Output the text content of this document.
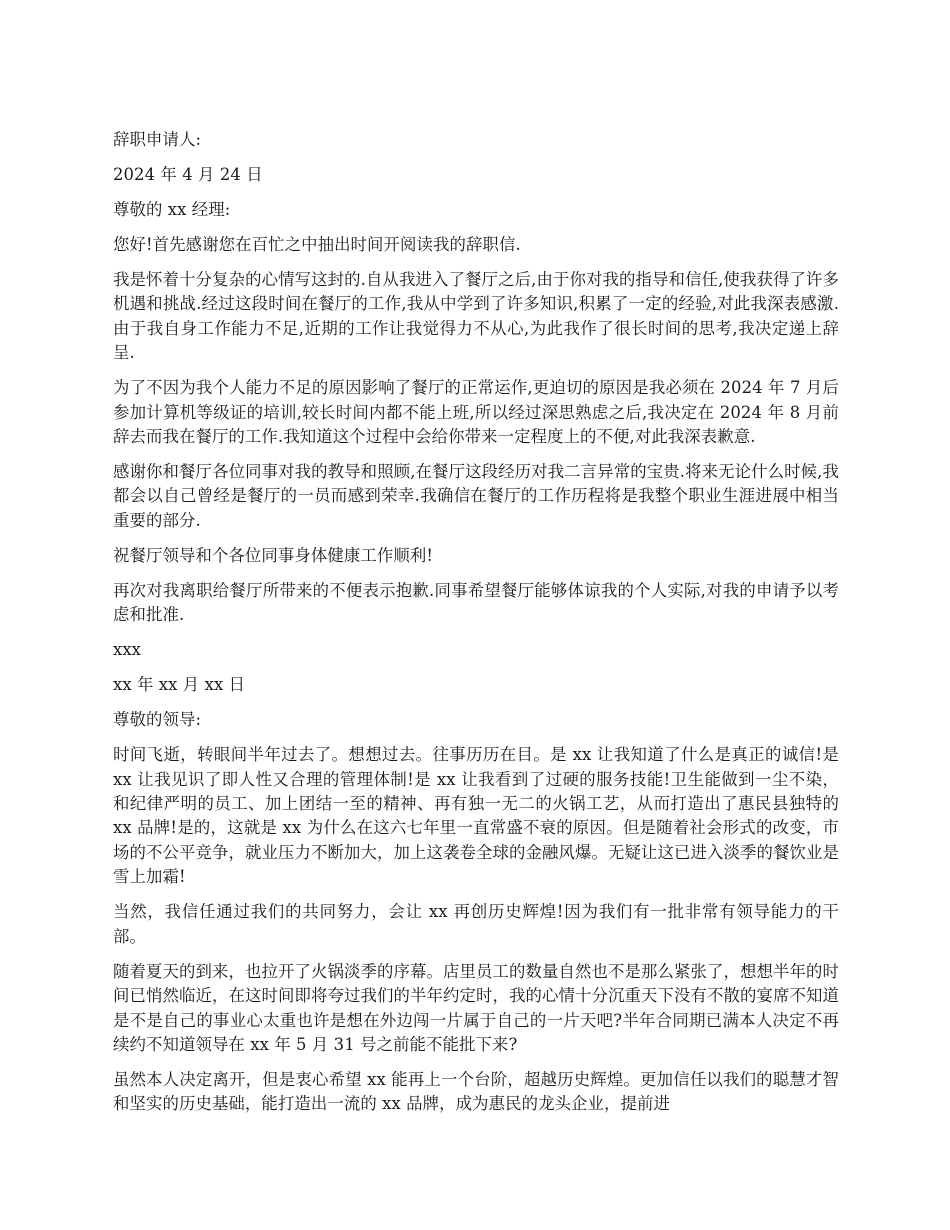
辞职申请人:

2024 年 4 月 24 日

尊敬的 xx 经理:

您好!首先感谢您在百忙之中抽出时间开阅读我的辞职信.

我是怀着十分复杂的心情写这封的.自从我进入了餐厅之后,由于你对我的指导和信任,使我获得了许多机遇和挑战.经过这段时间在餐厅的工作,我从中学到了许多知识,积累了一定的经验,对此我深表感激.由于我自身工作能力不足,近期的工作让我觉得力不从心,为此我作了很长时间的思考,我决定递上辞呈.

为了不因为我个人能力不足的原因影响了餐厅的正常运作,更迫切的原因是我必须在 2024 年 7 月后参加计算机等级证的培训,较长时间内都不能上班,所以经过深思熟虑之后,我决定在 2024 年 8 月前辞去而我在餐厅的工作.我知道这个过程中会给你带来一定程度上的不便,对此我深表歉意.

感谢你和餐厅各位同事对我的教导和照顾,在餐厅这段经历对我二言异常的宝贵.将来无论什么时候,我都会以自己曾经是餐厅的一员而感到荣幸.我确信在餐厅的工作历程将是我整个职业生涯进展中相当重要的部分.

祝餐厅领导和个各位同事身体健康工作顺利!

再次对我离职给餐厅所带来的不便表示抱歉.同事希望餐厅能够体谅我的个人实际,对我的申请予以考虑和批准.

xxx

xx 年 xx 月 xx 日

尊敬的领导:

时间飞逝，转眼间半年过去了。想想过去。往事历历在目。是 xx 让我知道了什么是真正的诚信!是 xx 让我见识了即人性又合理的管理体制!是 xx 让我看到了过硬的服务技能!卫生能做到一尘不染，和纪律严明的员工、加上团结一至的精神、再有独一无二的火锅工艺，从而打造出了惠民县独特的 xx 品牌!是的，这就是 xx 为什么在这六七年里一直常盛不衰的原因。但是随着社会形式的改变，市场的不公平竞争，就业压力不断加大，加上这袭卷全球的金融风爆。无疑让这已进入淡季的餐饮业是雪上加霜!

当然，我信任通过我们的共同努力，会让 xx 再创历史辉煌!因为我们有一批非常有领导能力的干部。

随着夏天的到来，也拉开了火锅淡季的序幕。店里员工的数量自然也不是那么紧张了，想想半年的时间已悄然临近，在这时间即将夸过我们的半年约定时，我的心情十分沉重天下没有不散的宴席不知道是不是自己的事业心太重也许是想在外边闯一片属于自己的一片天吧?半年合同期已满本人决定不再续约不知道领导在 xx 年 5 月 31 号之前能不能批下来?

虽然本人决定离开，但是衷心希望 xx 能再上一个台阶，超越历史辉煌。更加信任以我们的聪慧才智和坚实的历史基础，能打造出一流的 xx 品牌，成为惠民的龙头企业，提前进
